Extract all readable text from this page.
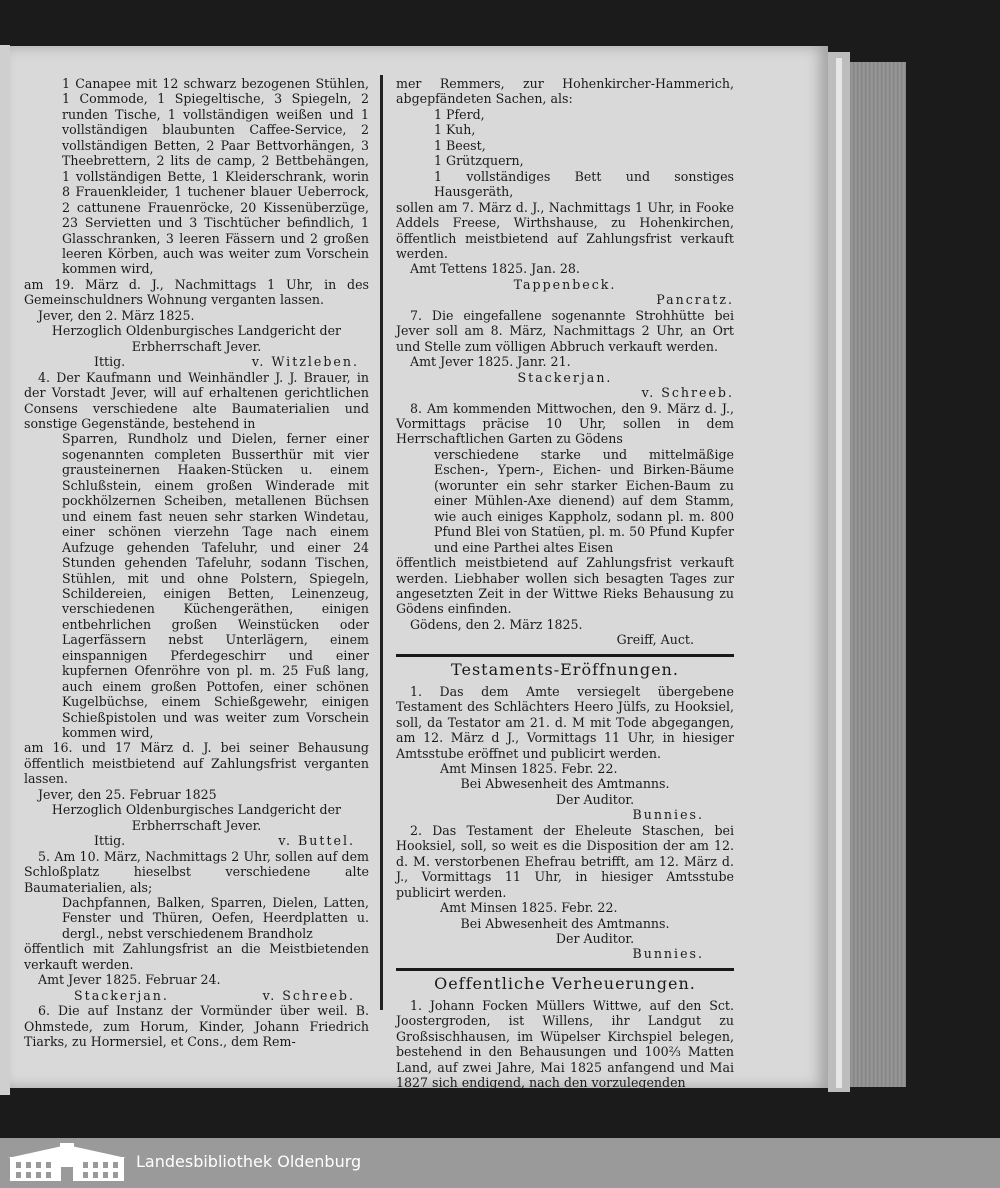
1 Canapee mit 12 schwarz bezogenen Stühlen, 1 Commode, 1 Spiegeltische, 3 Spiegeln, 2 runden Tische, 1 vollständigen weißen und 1 vollständigen blaubunten Caffee-Service, 2 vollständigen Betten, 2 Paar Bettvorhängen, 3 Theebrettern, 2 lits de camp, 2 Bettbehängen, 1 vollständigen Bette, 1 Kleiderschrank, worin 8 Frauenkleider, 1 tuchener blauer Ueberrock, 2 cattunene Frauenröcke, 20 Kissenüberzüge, 23 Servietten und 3 Tischtücher befindlich, 1 Glasschranken, 3 leeren Fässern und 2 großen leeren Körben, auch was weiter zum Vorschein kommen wird,

am 19. März d. J., Nachmittags 1 Uhr, in des Gemeinschuldners Wohnung verganten lassen.

Jever, den 2. März 1825.

Herzoglich Oldenburgisches Landgericht der Erbherrschaft Jever.

Ittig.	v. Witzleben.

4. Der Kaufmann und Weinhändler J. J. Brauer, in der Vorstadt Jever, will auf erhaltenen gerichtlichen Consens verschiedene alte Baumaterialien und sonstige Gegenstände, bestehend in

Sparren, Rundholz und Dielen, ferner einer sogenannten completen Busserthür mit vier grausteinernen Haaken-Stücken u. einem Schlußstein, einem großen Winderade mit pockhölzernen Scheiben, metallenen Büchsen und einem fast neuen sehr starken Windetau, einer schönen vierzehn Tage nach einem Aufzuge gehenden Tafeluhr, und einer 24 Stunden gehenden Tafeluhr, sodann Tischen, Stühlen, mit und ohne Polstern, Spiegeln, Schildereien, einigen Betten, Leinenzeug, verschiedenen Küchengeräthen, einigen entbehrlichen großen Weinstücken oder Lagerfässern nebst Unterlägern, einem einspannigen Pferdegeschirr und einer kupfernen Ofenröhre von pl. m. 25 Fuß lang, auch einem großen Pottofen, einer schönen Kugelbüchse, einem Schießgewehr, einigen Schießpistolen und was weiter zum Vorschein kommen wird,

am 16. und 17 März d. J. bei seiner Behausung öffentlich meistbietend auf Zahlungsfrist verganten lassen.

Jever, den 25. Februar 1825

Herzoglich Oldenburgisches Landgericht der Erbherrschaft Jever.

Ittig.	v. Buttel.

5. Am 10. März, Nachmittags 2 Uhr, sollen auf dem Schloßplatz hieselbst verschiedene alte Baumaterialien, als;

Dachpfannen, Balken, Sparren, Dielen, Latten, Fenster und Thüren, Oefen, Heerdplatten u. dergl., nebst verschiedenem Brandholz

öffentlich mit Zahlungsfrist an die Meistbietenden verkauft werden.

Amt Jever 1825. Februar 24.

Stackerjan.	v. Schreeb.

6. Die auf Instanz der Vormünder über weil. B. Ohmstede, zum Horum, Kinder, Johann Friedrich Tiarks, zu Hormersiel, et Cons., dem Rem-

mer Remmers, zur Hohenkircher-Hammerich, abgepfändeten Sachen, als:

1 Pferd,

1 Kuh,

1 Beest,

1 Grützquern,

1 vollständiges Bett und sonstiges Hausgeräth,

sollen am 7. März d. J., Nachmittags 1 Uhr, in Fooke Addels Freese, Wirthshause, zu Hohenkirchen, öffentlich meistbietend auf Zahlungsfrist verkauft werden.

Amt Tettens 1825. Jan. 28.

Tappenbeck.

Pancratz.

7. Die eingefallene sogenannte Strohhütte bei Jever soll am 8. März, Nachmittags 2 Uhr, an Ort und Stelle zum völligen Abbruch verkauft werden.

Amt Jever 1825. Janr. 21.

Stackerjan.

v. Schreeb.

8. Am kommenden Mittwochen, den 9. März d. J., Vormittags präcise 10 Uhr, sollen in dem Herrschaftlichen Garten zu Gödens

verschiedene starke und mittelmäßige Eschen-, Ypern-, Eichen- und Birken-Bäume (worunter ein sehr starker Eichen-Baum zu einer Mühlen-Axe dienend) auf dem Stamm, wie auch einiges Kappholz, sodann pl. m. 800 Pfund Blei von Statüen, pl. m. 50 Pfund Kupfer und eine Parthei altes Eisen

öffentlich meistbietend auf Zahlungsfrist verkauft werden. Liebhaber wollen sich besagten Tages zur angesetzten Zeit in der Wittwe Rieks Behausung zu Gödens einfinden.

Gödens, den 2. März 1825.

Greiff, Auct.

Testaments-Eröffnungen.

1. Das dem Amte versiegelt übergebene Testament des Schlächters Heero Jülfs, zu Hooksiel, soll, da Testator am 21. d. M mit Tode abgegangen, am 12. März d J., Vormittags 11 Uhr, in hiesiger Amtsstube eröffnet und publicirt werden.

Amt Minsen 1825. Febr. 22.

Bei Abwesenheit des Amtmanns.

Der Auditor.

Bunnies.

2. Das Testament der Eheleute Staschen, bei Hooksiel, soll, so weit es die Disposition der am 12. d. M. verstorbenen Ehefrau betrifft, am 12. März d. J., Vormittags 11 Uhr, in hiesiger Amtsstube publicirt werden.

Amt Minsen 1825. Febr. 22.

Bei Abwesenheit des Amtmanns.

Der Auditor.

Bunnies.

Oeffentliche Verheuerungen.

1. Johann Focken Müllers Wittwe, auf den Sct. Joostergroden, ist Willens, ihr Landgut zu Großsischhausen, im Wüpelser Kirchspiel belegen, bestehend in den Behausungen und 100⅔ Matten Land, auf zwei Jahre, Mai 1825 anfangend und Mai 1827 sich endigend, nach den vorzulegenden

Landesbibliothek Oldenburg
